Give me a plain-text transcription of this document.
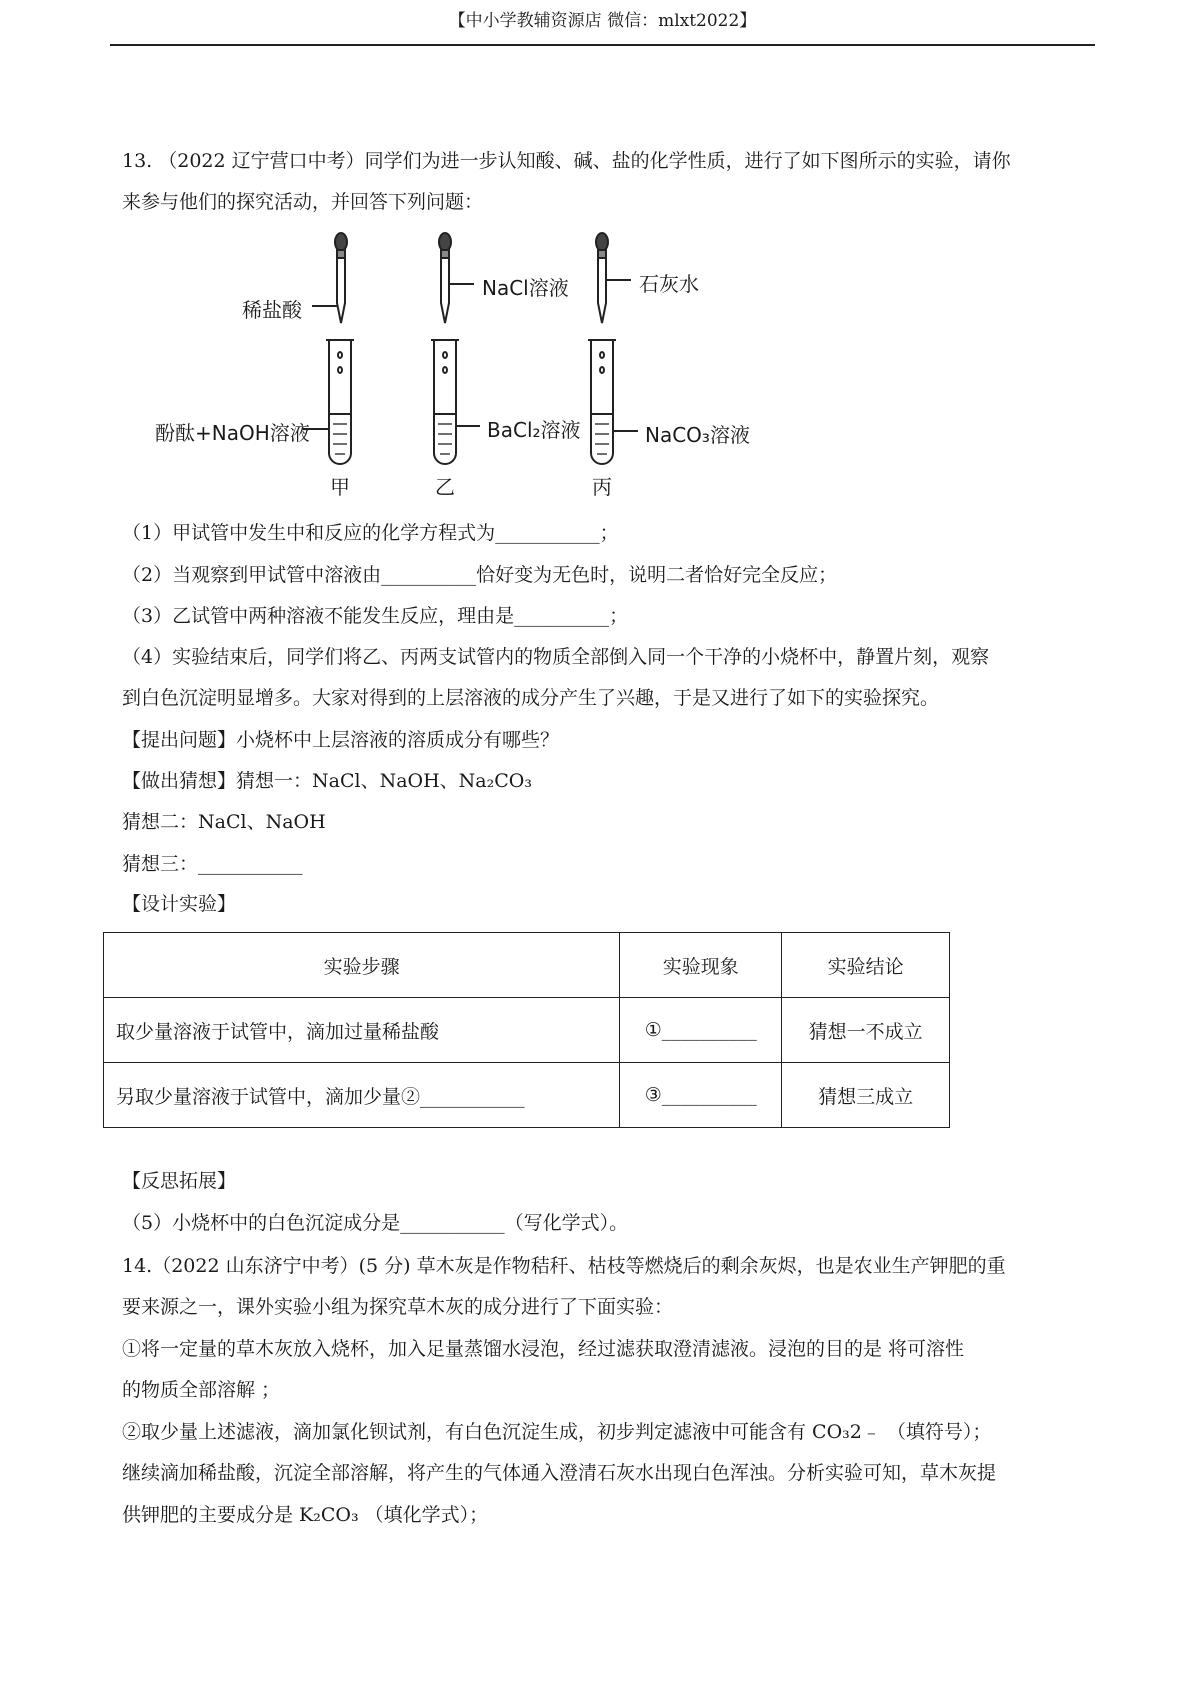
【中小学教辅资源店 微信：mlxt2022】
13. （2022 辽宁营口中考）同学们为进一步认知酸、碱、盐的化学性质，进行了如下图所示的实验，请你
来参与他们的探究活动，并回答下列问题：
稀盐酸
NaCl溶液	石灰水
酚酞+NaOH溶液	BaCl₂溶液	NaCO₃溶液
甲	乙	丙
（1）甲试管中发生中和反应的化学方程式为___________；
（2）当观察到甲试管中溶液由__________恰好变为无色时，说明二者恰好完全反应；
（3）乙试管中两种溶液不能发生反应，理由是__________；
（4）实验结束后，同学们将乙、丙两支试管内的物质全部倒入同一个干净的小烧杯中，静置片刻，观察
到白色沉淀明显增多。大家对得到的上层溶液的成分产生了兴趣，于是又进行了如下的实验探究。
【提出问题】小烧杯中上层溶液的溶质成分有哪些？
【做出猜想】猜想一：NaCl、NaOH、Na₂CO₃
猜想二：NaCl、NaOH
猜想三：___________
【设计实验】
实验步骤	实验现象	实验结论
取少量溶液于试管中，滴加过量稀盐酸	①__________	猜想一不成立
另取少量溶液于试管中，滴加少量②___________	③__________	猜想三成立
【反思拓展】
（5）小烧杯中的白色沉淀成分是___________（写化学式）。
14.（2022 山东济宁中考）(5 分) 草木灰是作物秸秆、枯枝等燃烧后的剩余灰烬，也是农业生产钾肥的重
要来源之一，课外实验小组为探究草木灰的成分进行了下面实验：
①将一定量的草木灰放入烧杯，加入足量蒸馏水浸泡，经过滤获取澄清滤液。浸泡的目的是 将可溶性
的物质全部溶解 ；
②取少量上述滤液，滴加氯化钡试剂，有白色沉淀生成，初步判定滤液中可能含有 CO₃2﹣ （填符号）；
继续滴加稀盐酸，沉淀全部溶解，将产生的气体通入澄清石灰水出现白色浑浊。分析实验可知，草木灰提
供钾肥的主要成分是 K₂CO₃ （填化学式）；
